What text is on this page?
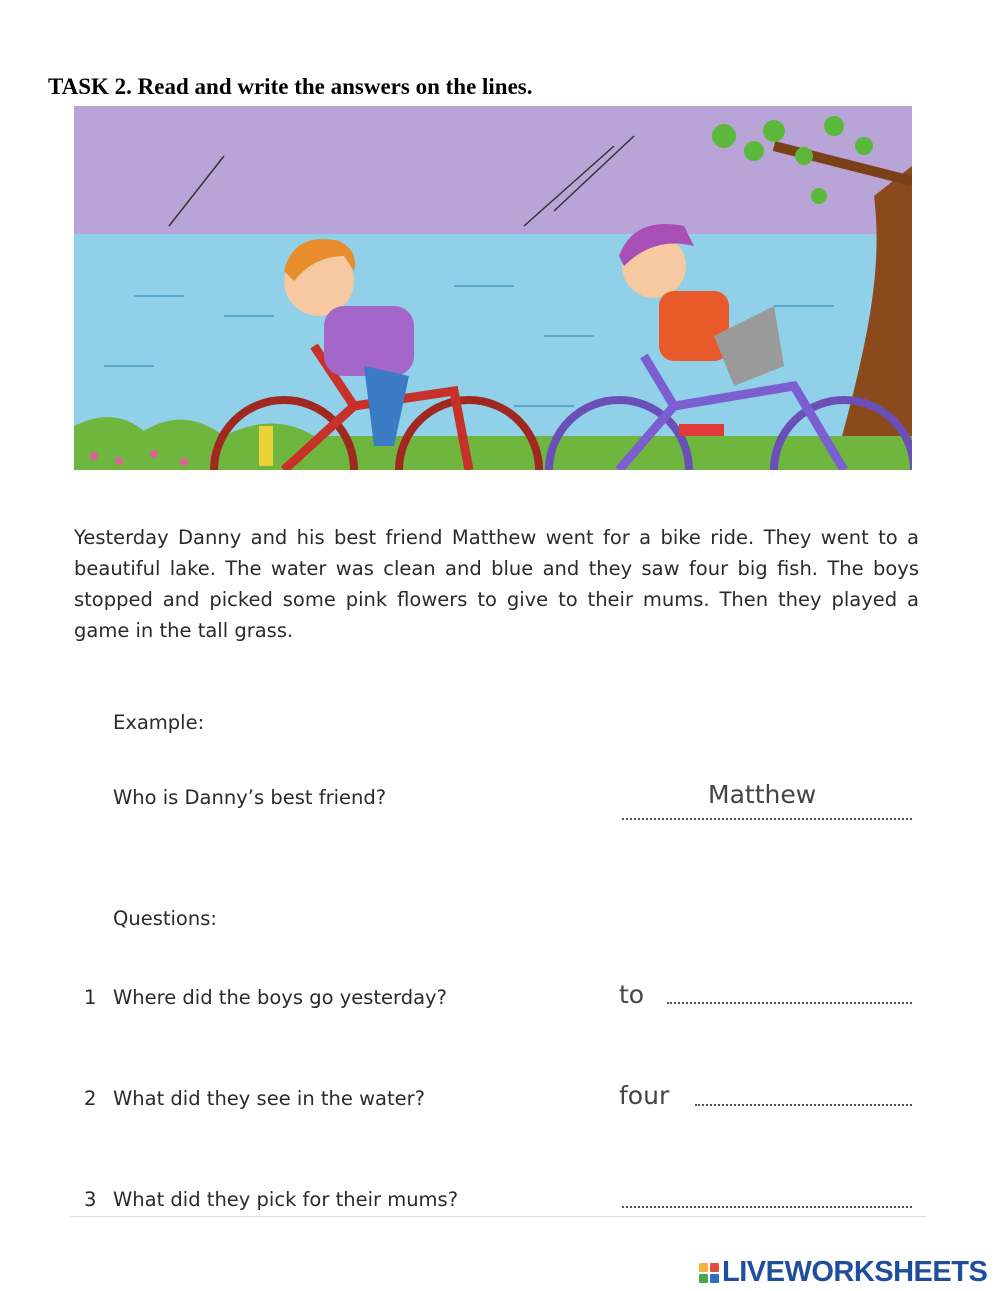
TASK 2. Read and write the answers on the lines.
Yesterday Danny and his best friend Matthew went for a bike ride. They went to a beautiful lake. The water was clean and blue and they saw four big fish. The boys stopped and picked some pink flowers to give to their mums. Then they played a game in the tall grass.
Example:
Who is Danny’s best friend?	Matthew
Questions:
1 Where did the boys go yesterday?	to
2 What did they see in the water?	four
3 What did they pick for their mums?
LIVEWORKSHEETS
